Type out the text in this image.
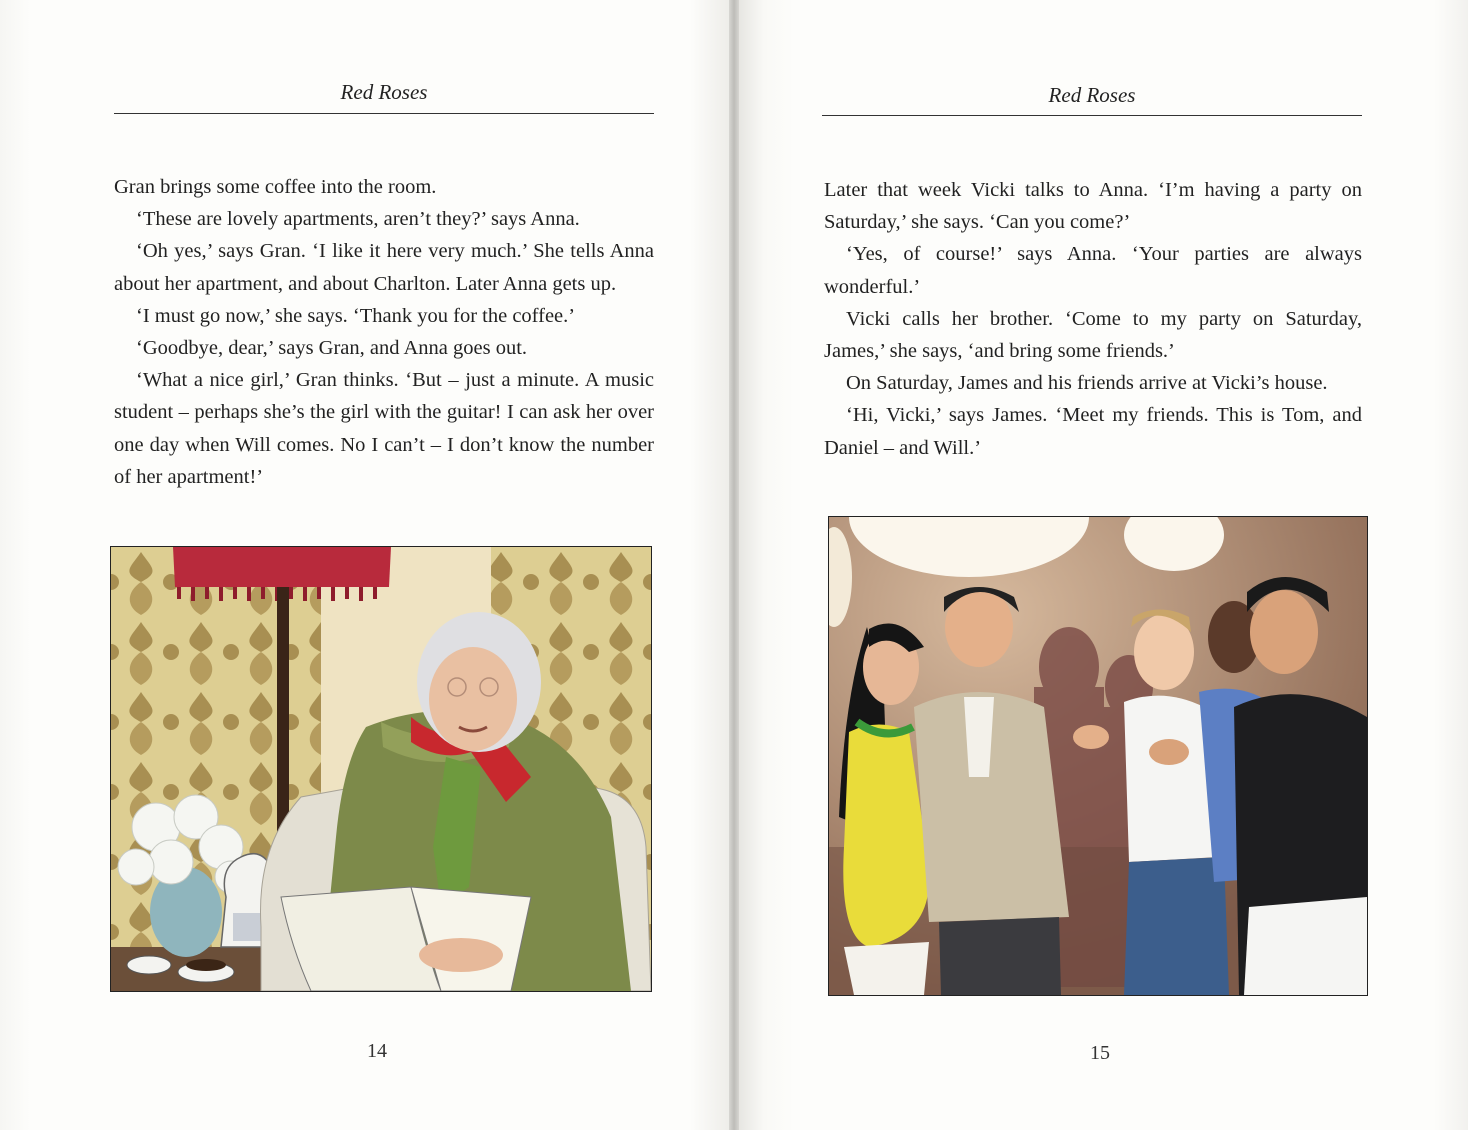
Red Roses

Gran brings some coffee into the room.

‘These are lovely apartments, aren’t they?’ says Anna.

‘Oh yes,’ says Gran. ‘I like it here very much.’ She tells Anna about her apartment, and about Charlton. Later Anna gets up.

‘I must go now,’ she says. ‘Thank you for the coffee.’

‘Goodbye, dear,’ says Gran, and Anna goes out.

‘What a nice girl,’ Gran thinks. ‘But – just a minute. A music student – perhaps she’s the girl with the guitar! I can ask her over one day when Will comes. No I can’t – I don’t know the number of her apartment!’

14
Red Roses

Later that week Vicki talks to Anna. ‘I’m having a party on Saturday,’ she says. ‘Can you come?’

‘Yes, of course!’ says Anna. ‘Your parties are always wonderful.’

Vicki calls her brother. ‘Come to my party on Saturday, James,’ she says, ‘and bring some friends.’

On Saturday, James and his friends arrive at Vicki’s house.

‘Hi, Vicki,’ says James. ‘Meet my friends. This is Tom, and Daniel – and Will.’

15
